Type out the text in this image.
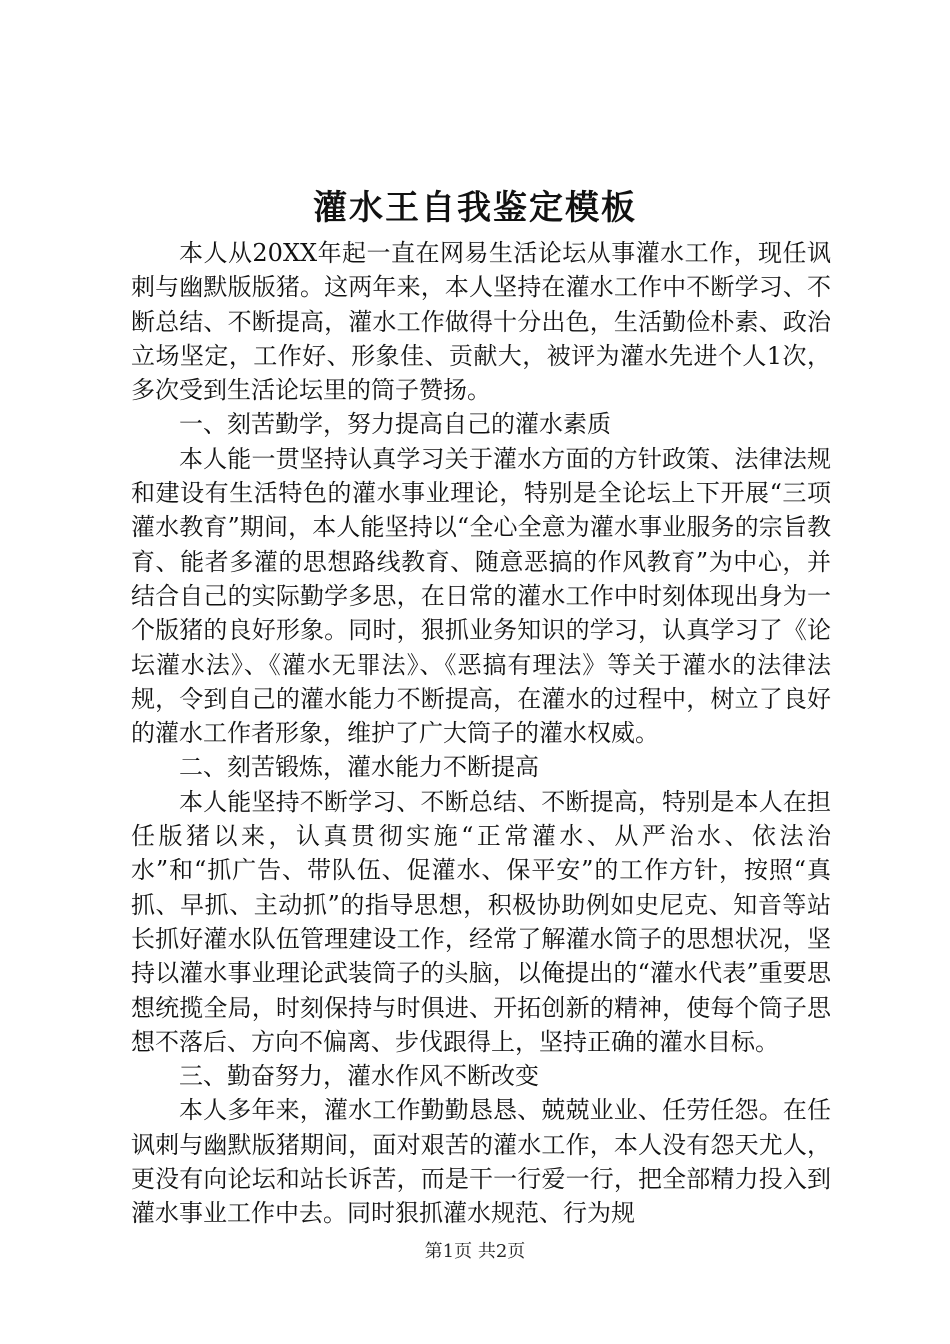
灌水王自我鉴定模板

本人从20XX年起一直在网易生活论坛从事灌水工作，现任讽刺与幽默版版猪。这两年来，本人坚持在灌水工作中不断学习、不断总结、不断提高，灌水工作做得十分出色，生活勤俭朴素、政治立场坚定，工作好、形象佳、贡献大，被评为灌水先进个人1次，多次受到生活论坛里的筒子赞扬。

一、刻苦勤学，努力提高自己的灌水素质

本人能一贯坚持认真学习关于灌水方面的方针政策、法律法规和建设有生活特色的灌水事业理论，特别是全论坛上下开展“三项灌水教育”期间，本人能坚持以“全心全意为灌水事业服务的宗旨教育、能者多灌的思想路线教育、随意恶搞的作风教育”为中心，并结合自己的实际勤学多思，在日常的灌水工作中时刻体现出身为一个版猪的良好形象。同时，狠抓业务知识的学习，认真学习了《论坛灌水法》、《灌水无罪法》、《恶搞有理法》等关于灌水的法律法规，令到自己的灌水能力不断提高，在灌水的过程中，树立了良好的灌水工作者形象，维护了广大筒子的灌水权威。

二、刻苦锻炼，灌水能力不断提高

本人能坚持不断学习、不断总结、不断提高，特别是本人在担任版猪以来，认真贯彻实施“正常灌水、从严治水、依法治水”和“抓广告、带队伍、促灌水、保平安”的工作方针，按照“真抓、早抓、主动抓”的指导思想，积极协助例如史尼克、知音等站长抓好灌水队伍管理建设工作，经常了解灌水筒子的思想状况，坚持以灌水事业理论武装筒子的头脑，以俺提出的“灌水代表”重要思想统揽全局，时刻保持与时俱进、开拓创新的精神，使每个筒子思想不落后、方向不偏离、步伐跟得上，坚持正确的灌水目标。

三、勤奋努力，灌水作风不断改变

本人多年来，灌水工作勤勤恳恳、兢兢业业、任劳任怨。在任讽刺与幽默版猪期间，面对艰苦的灌水工作，本人没有怨天尤人，更没有向论坛和站长诉苦，而是干一行爱一行，把全部精力投入到灌水事业工作中去。同时狠抓灌水规范、行为规

第1页 共2页
